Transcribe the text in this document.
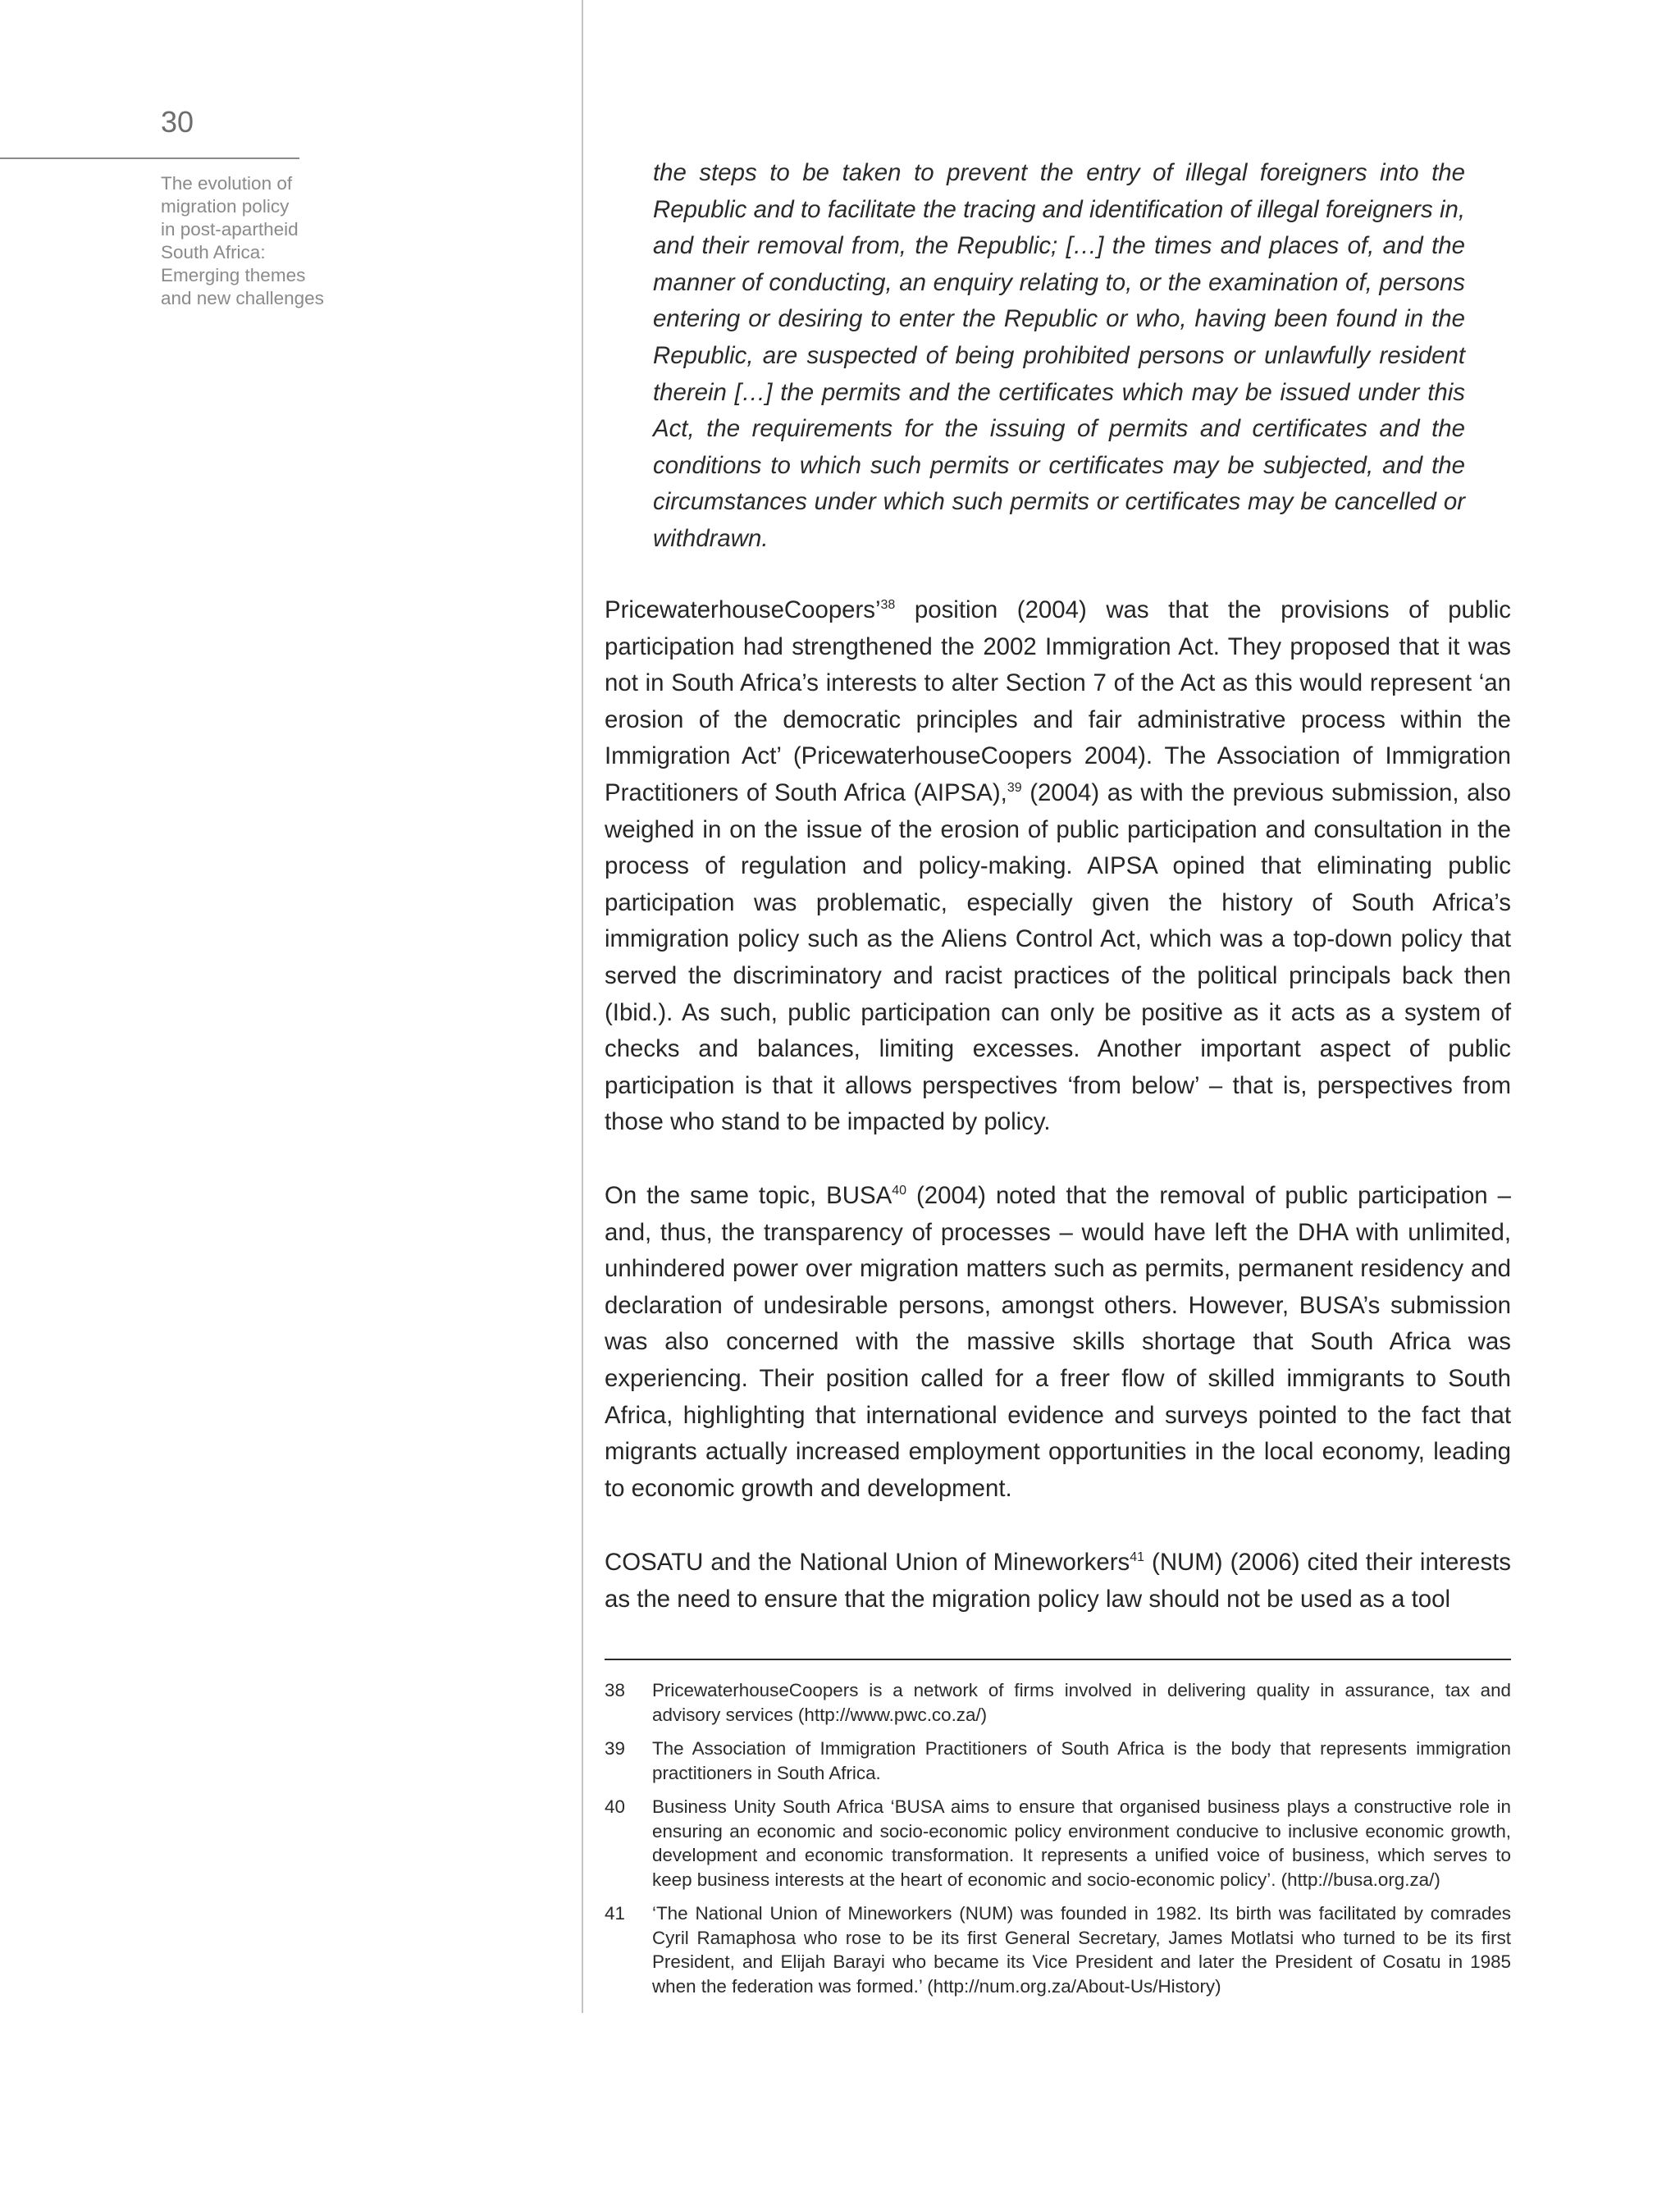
30
The evolution of
migration policy
in post-apartheid
South Africa:
Emerging themes
and new challenges

the steps to be taken to prevent the entry of illegal foreigners into the Republic and to facilitate the tracing and identification of illegal foreigners in, and their removal from, the Republic; […] the times and places of, and the manner of conducting, an enquiry relating to, or the examination of, persons entering or desiring to enter the Republic or who, having been found in the Republic, are suspected of being prohibited persons or unlawfully resident therein […] the permits and the certificates which may be issued under this Act, the requirements for the issuing of permits and certificates and the conditions to which such permits or certificates may be subjected, and the circumstances under which such permits or certificates may be cancelled or withdrawn.

PricewaterhouseCoopers’$^{38}$ position (2004) was that the provisions of public participation had strengthened the 2002 Immigration Act. They proposed that it was not in South Africa’s interests to alter Section 7 of the Act as this would represent ‘an erosion of the democratic principles and fair administrative process within the Immigration Act’ (PricewaterhouseCoopers 2004). The Association of Immigration Practitioners of South Africa (AIPSA),$^{39}$ (2004) as with the previous submission, also weighed in on the issue of the erosion of public participation and consultation in the process of regulation and policy-making. AIPSA opined that eliminating public participation was problematic, especially given the history of South Africa’s immigration policy such as the Aliens Control Act, which was a top-down policy that served the discriminatory and racist practices of the political principals back then (Ibid.). As such, public participation can only be positive as it acts as a system of checks and balances, limiting excesses. Another important aspect of public participation is that it allows perspectives ‘from below’ – that is, perspectives from those who stand to be impacted by policy.

On the same topic, BUSA$^{40}$ (2004) noted that the removal of public participation – and, thus, the transparency of processes – would have left the DHA with unlimited, unhindered power over migration matters such as permits, permanent residency and declaration of undesirable persons, amongst others. However, BUSA’s submission was also concerned with the massive skills shortage that South Africa was experiencing. Their position called for a freer flow of skilled immigrants to South Africa, highlighting that international evidence and surveys pointed to the fact that migrants actually increased employment opportunities in the local economy, leading to economic growth and development.

COSATU and the National Union of Mineworkers$^{41}$ (NUM) (2006) cited their interests as the need to ensure that the migration policy law should not be used as a tool

38 PricewaterhouseCoopers is a network of firms involved in delivering quality in assurance, tax and advisory services (http://www.pwc.co.za/)
39 The Association of Immigration Practitioners of South Africa is the body that represents immigration practitioners in South Africa.
40 Business Unity South Africa ‘BUSA aims to ensure that organised business plays a constructive role in ensuring an economic and socio-economic policy environment conducive to inclusive economic growth, development and economic transformation. It represents a unified voice of business, which serves to keep business interests at the heart of economic and socio-economic policy’. (http://busa.org.za/)
41 ‘The National Union of Mineworkers (NUM) was founded in 1982. Its birth was facilitated by comrades Cyril Ramaphosa who rose to be its first General Secretary, James Motlatsi who turned to be its first President, and Elijah Barayi who became its Vice President and later the President of Cosatu in 1985 when the federation was formed.’ (http://num.org.za/About-Us/History)
